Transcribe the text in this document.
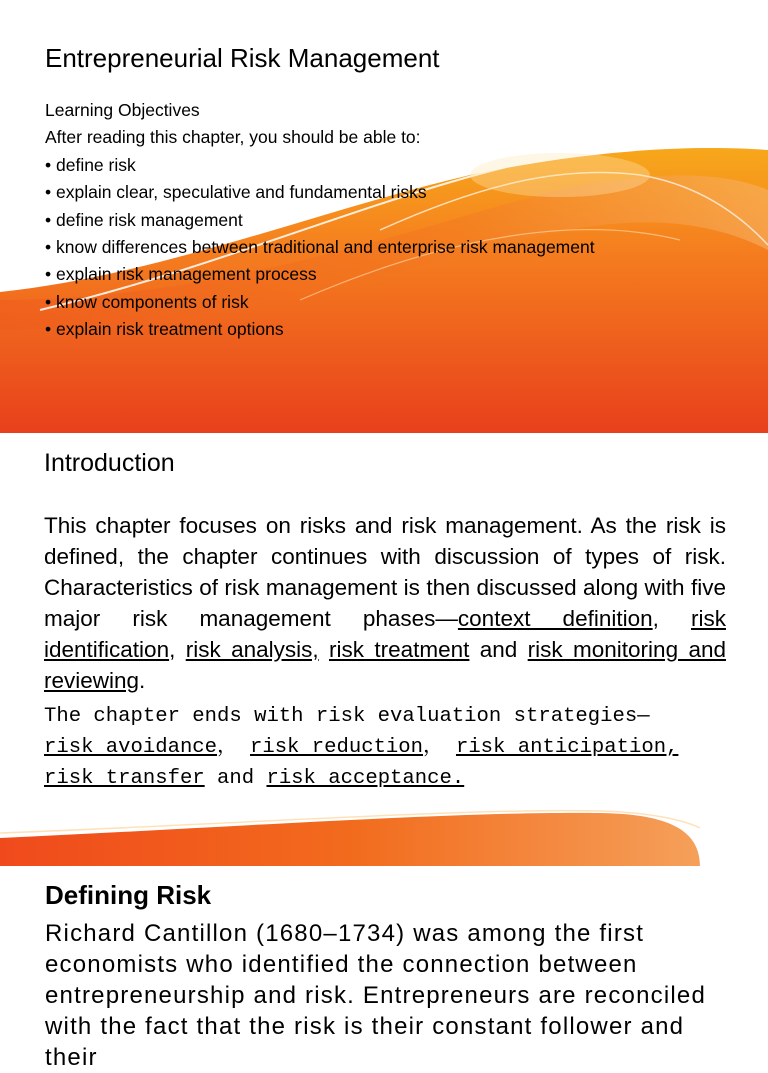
Entrepreneurial Risk Management
Learning Objectives
After reading this chapter, you should be able to:
• define risk
• explain clear, speculative and fundamental risks
• define risk management
• know differences between traditional and enterprise risk management
• explain risk management process
• know components of risk
• explain risk treatment options
Introduction

This chapter focuses on risks and risk management. As the risk is defined, the chapter continues with discussion of types of risk. Characteristics of risk management is then discussed along with five major risk management phases—context definition, risk identification, risk analysis, risk treatment and risk monitoring and reviewing.

The chapter ends with risk evaluation strategies—
risk avoidance， risk reduction， risk anticipation,
risk transfer and risk acceptance.

Defining Risk

Richard Cantillon (1680–1734) was among the first economists who identified the connection between entrepreneurship and risk. Entrepreneurs are reconciled with the fact that the risk is their constant follower and their
